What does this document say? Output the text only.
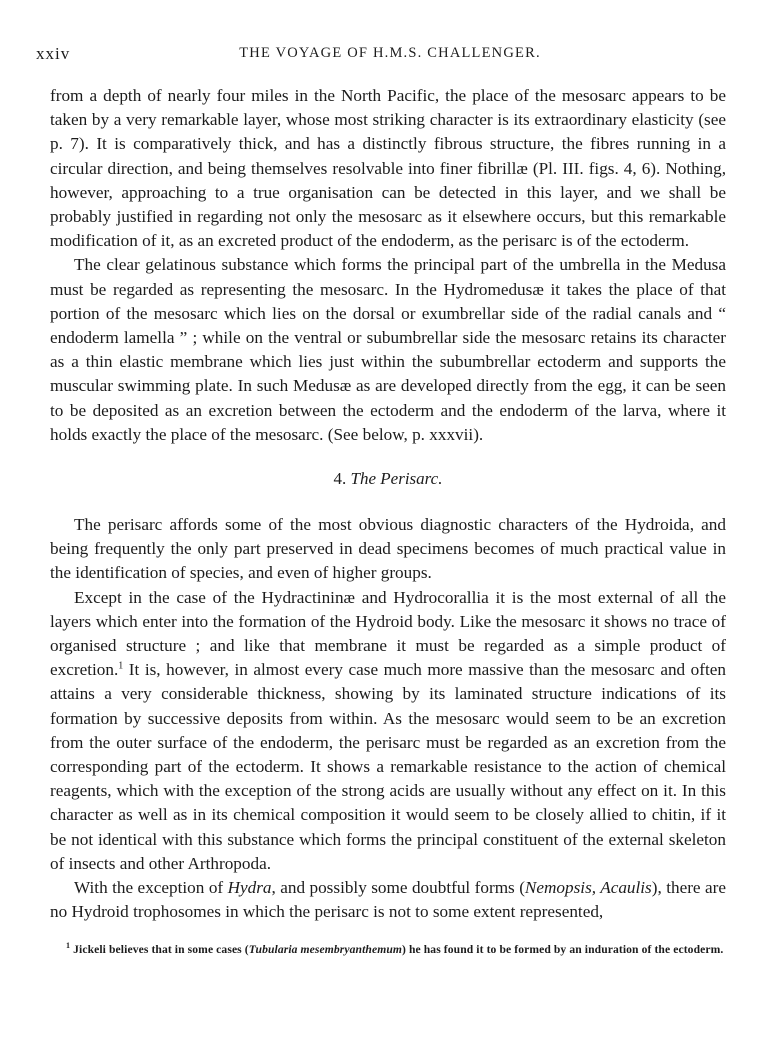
xxiv	THE VOYAGE OF H.M.S. CHALLENGER.

from a depth of nearly four miles in the North Pacific, the place of the mesosarc appears to be taken by a very remarkable layer, whose most striking character is its extraordinary elasticity (see p. 7). It is comparatively thick, and has a distinctly fibrous structure, the fibres running in a circular direction, and being themselves resolvable into finer fibrillæ (Pl. III. figs. 4, 6). Nothing, however, approaching to a true organisation can be detected in this layer, and we shall be probably justified in regarding not only the mesosarc as it elsewhere occurs, but this remarkable modification of it, as an excreted product of the endoderm, as the perisarc is of the ectoderm.

The clear gelatinous substance which forms the principal part of the umbrella in the Medusa must be regarded as representing the mesosarc. In the Hydromedusæ it takes the place of that portion of the mesosarc which lies on the dorsal or exumbrellar side of the radial canals and “ endoderm lamella ” ; while on the ventral or subumbrellar side the mesosarc retains its character as a thin elastic membrane which lies just within the subumbrellar ectoderm and supports the muscular swimming plate. In such Medusæ as are developed directly from the egg, it can be seen to be deposited as an excretion between the ectoderm and the endoderm of the larva, where it holds exactly the place of the mesosarc. (See below, p. xxxvii).

4. The Perisarc.

The perisarc affords some of the most obvious diagnostic characters of the Hydroida, and being frequently the only part preserved in dead specimens becomes of much practical value in the identification of species, and even of higher groups.

Except in the case of the Hydractininæ and Hydrocorallia it is the most external of all the layers which enter into the formation of the Hydroid body. Like the mesosarc it shows no trace of organised structure ; and like that membrane it must be regarded as a simple product of excretion.$^1$ It is, however, in almost every case much more massive than the mesosarc and often attains a very considerable thickness, showing by its laminated structure indications of its formation by successive deposits from within. As the mesosarc would seem to be an excretion from the outer surface of the endoderm, the perisarc must be regarded as an excretion from the corresponding part of the ectoderm. It shows a remarkable resistance to the action of chemical reagents, which with the exception of the strong acids are usually without any effect on it. In this character as well as in its chemical composition it would seem to be closely allied to chitin, if it be not identical with this substance which forms the principal constituent of the external skeleton of insects and other Arthropoda.

With the exception of Hydra, and possibly some doubtful forms (Nemopsis, Acaulis), there are no Hydroid trophosomes in which the perisarc is not to some extent represented,

$^1$ Jickeli believes that in some cases (Tubularia mesembryanthemum) he has found it to be formed by an induration of the ectoderm.
